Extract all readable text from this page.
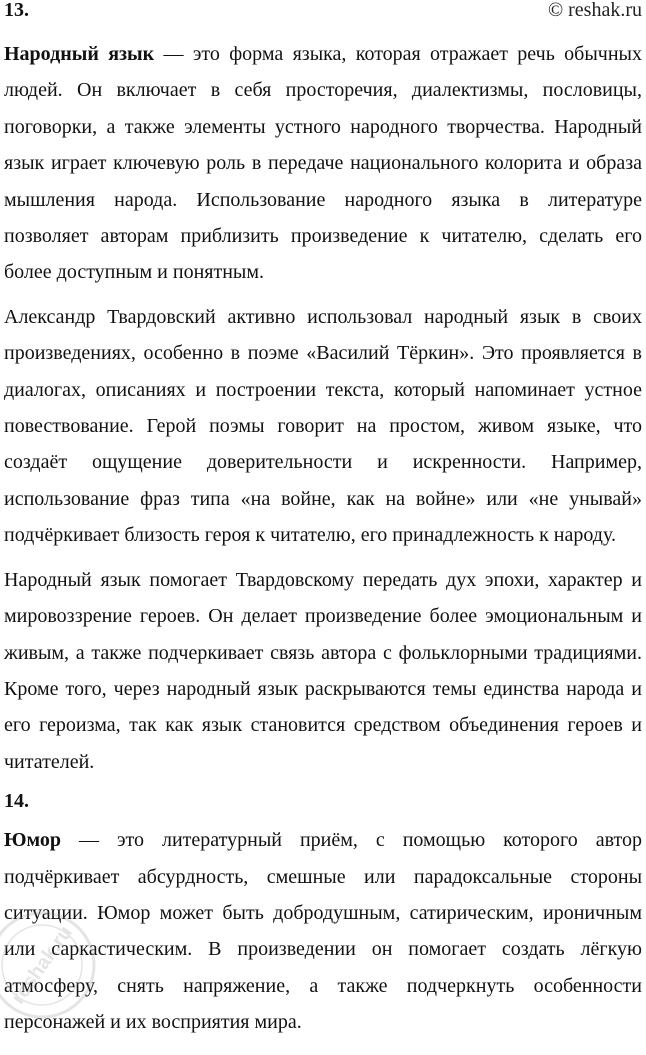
13.	© reshak.ru

Народный язык — это форма языка, которая отражает речь обычных людей. Он включает в себя просторечия, диалектизмы, пословицы, поговорки, а также элементы устного народного творчества. Народный язык играет ключевую роль в передаче национального колорита и образа мышления народа. Использование народного языка в литературе позволяет авторам приблизить произведение к читателю, сделать его более доступным и понятным.

Александр Твардовский активно использовал народный язык в своих произведениях, особенно в поэме «Василий Тёркин». Это проявляется в диалогах, описаниях и построении текста, который напоминает устное повествование. Герой поэмы говорит на простом, живом языке, что создаёт ощущение доверительности и искренности. Например, использование фраз типа «на войне, как на войне» или «не унывай» подчёркивает близость героя к читателю, его принадлежность к народу.

Народный язык помогает Твардовскому передать дух эпохи, характер и мировоззрение героев. Он делает произведение более эмоциональным и живым, а также подчеркивает связь автора с фольклорными традициями. Кроме того, через народный язык раскрываются темы единства народа и его героизма, так как язык становится средством объединения героев и читателей.

14.

Юмор — это литературный приём, с помощью которого автор подчёркивает абсурдность, смешные или парадоксальные стороны ситуации. Юмор может быть добродушным, сатирическим, ироничным или саркастическим. В произведении он помогает создать лёгкую атмосферу, снять напряжение, а также подчеркнуть особенности персонажей и их восприятия мира.

reshak.ru
